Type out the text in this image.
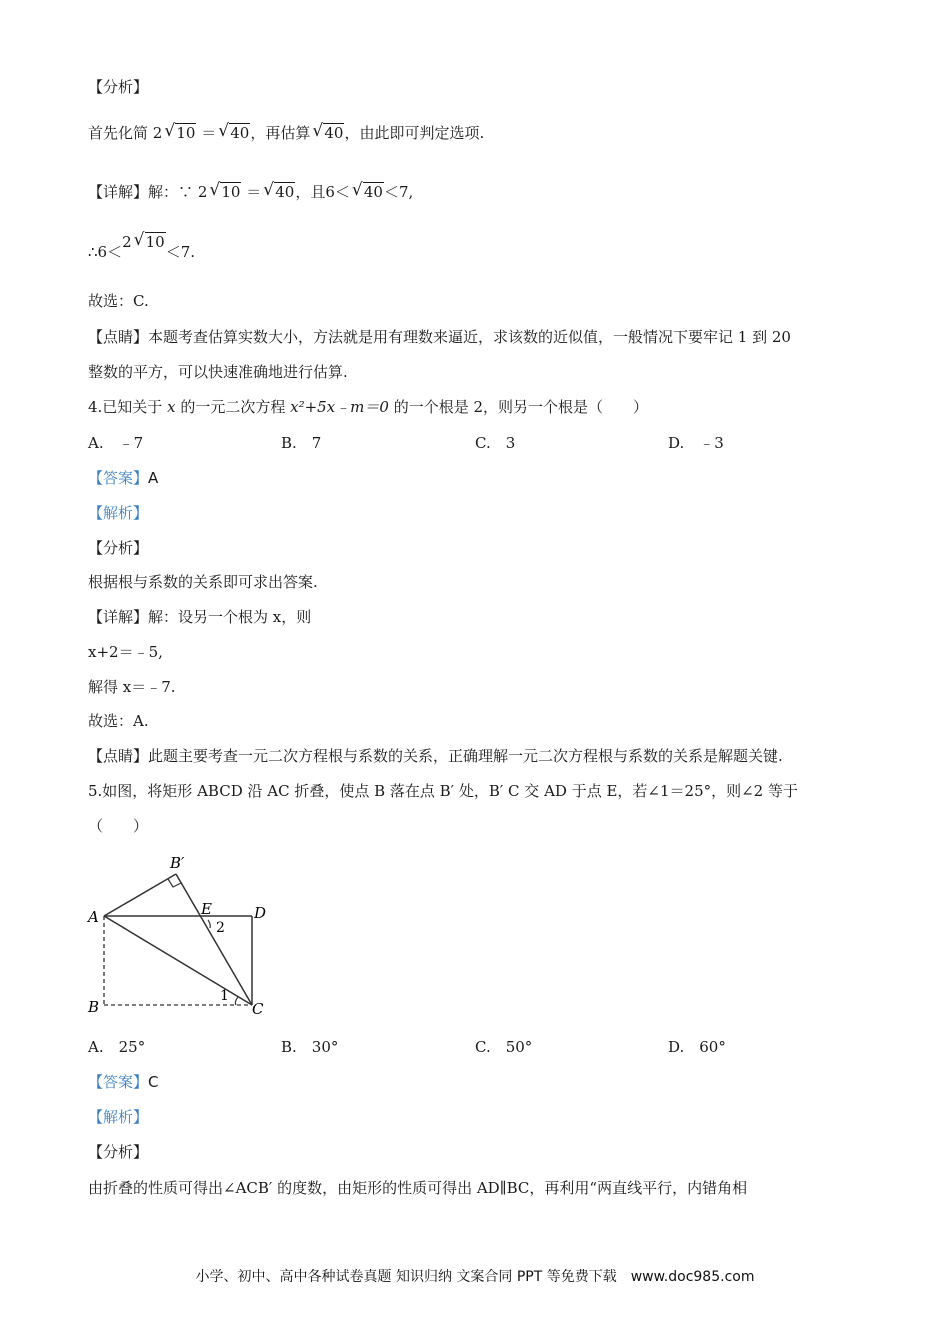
【分析】
首先化简 2 √ 10 ＝ √ 40，再估算 √ 40，由此即可判定选项.
【详解】解：∵ 2 √ 10 ＝ √ 40，且6＜ √ 40＜7,
∴6＜2 √ 10＜7.
故选：C.
【点睛】本题考查估算实数大小，方法就是用有理数来逼近，求该数的近似值，一般情况下要牢记 1 到 20
整数的平方，可以快速准确地进行估算.
4.已知关于 x 的一元二次方程 x²+5x﹣m＝0 的一个根是 2，则另一个根是（　　）
A.　﹣7	B.　7	C.　3	D.　﹣3
【答案】A
【解析】
【分析】
根据根与系数的关系即可求出答案.
【详解】解：设另一个根为 x，则
x+2＝﹣5,
解得 x＝﹣7.
故选：A.
【点睛】此题主要考查一元二次方程根与系数的关系，正确理解一元二次方程根与系数的关系是解题关键.
5.如图，将矩形 ABCD 沿 AC 折叠，使点 B 落在点 B′ 处，B′ C 交 AD 于点 E，若∠1＝25°，则∠2 等于
（　　）
A
B	C
D
E
B′
1
2
A.　25°	B.　30°	C.　50°	D.　60°
【答案】C
【解析】
【分析】
由折叠的性质可得出∠ACB′ 的度数，由矩形的性质可得出 AD∥BC，再利用“两直线平行，内错角相
小学、初中、高中各种试卷真题 知识归纳 文案合同 PPT 等免费下载　www.doc985.com
